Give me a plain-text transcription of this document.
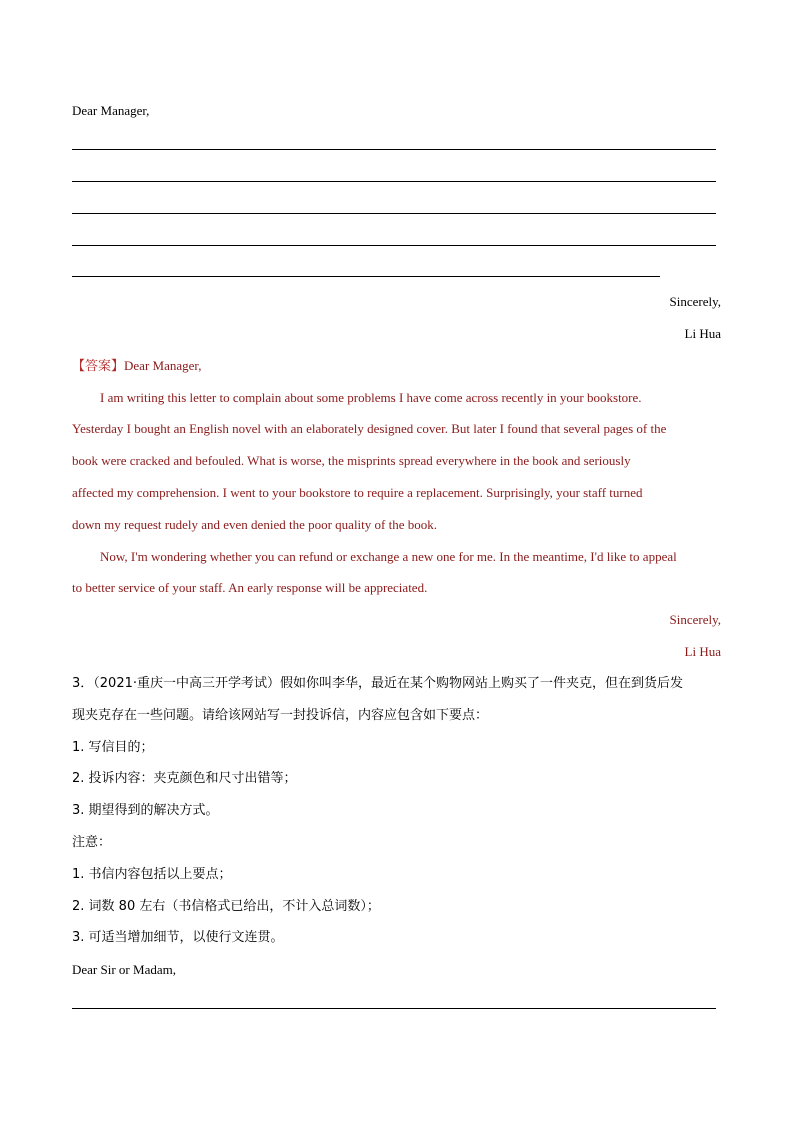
Dear Manager,
Sincerely,
Li Hua
【答案】Dear Manager,
I am writing this letter to complain about some problems I have come across recently in your bookstore.
Yesterday I bought an English novel with an elaborately designed cover. But later I found that several pages of the
book were cracked and befouled. What is worse, the misprints spread everywhere in the book and seriously
affected my comprehension. I went to your bookstore to require a replacement. Surprisingly, your staff turned
down my request rudely and even denied the poor quality of the book.
Now, I'm wondering whether you can refund or exchange a new one for me. In the meantime, I'd like to appeal
to better service of your staff. An early response will be appreciated.
Sincerely,
Li Hua
3．（2021·重庆一中高三开学考试）假如你叫李华，最近在某个购物网站上购买了一件夹克，但在到货后发
现夹克存在一些问题。请给该网站写一封投诉信，内容应包含如下要点：
1. 写信目的；
2. 投诉内容：夹克颜色和尺寸出错等；
3. 期望得到的解决方式。
注意：
1. 书信内容包括以上要点；
2. 词数 80 左右（书信格式已给出，不计入总词数）；
3. 可适当增加细节，以使行文连贯。
Dear Sir or Madam,
